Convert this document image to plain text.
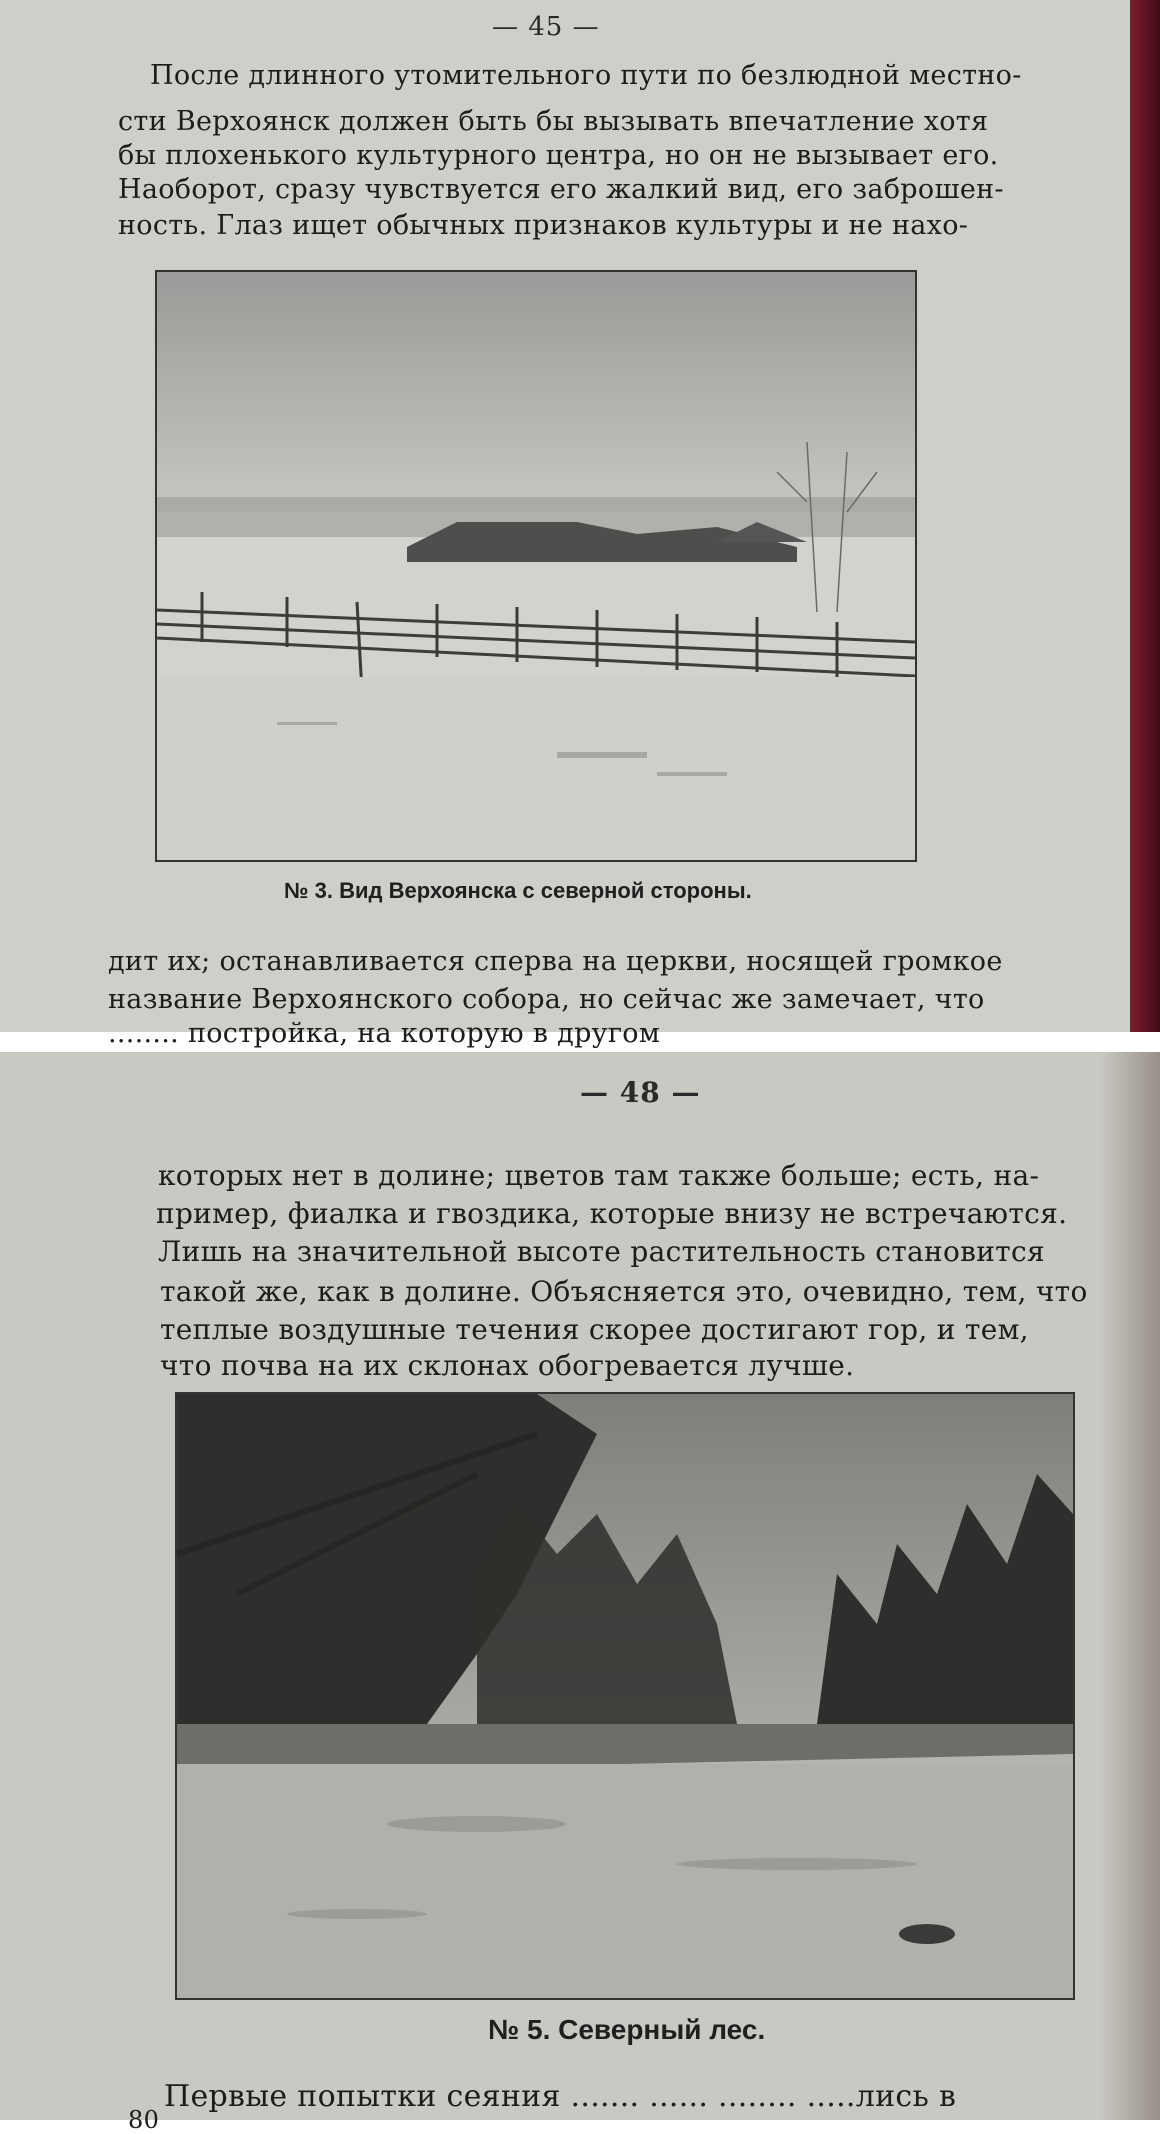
— 45 —
После длинного утомительного пути по безлюдной местно-
сти Верхоянск должен быть бы вызывать впечатление хотя
бы плохенького культурного центра, но он не вызывает его.
Наоборот, сразу чувствуется его жалкий вид, его заброшен-
ность. Глаз ищет обычных признаков культуры и не нахо-
№ 3. Вид Верхоянска с северной стороны.
дит их; останавливается сперва на церкви, носящей громкое
название Верхоянского собора, но сейчас же замечает, что
........ постройка, на которую в другом
— 48 —
которых нет в долине; цветов там также больше; есть, на-
пример, фиалка и гвоздика, которые внизу не встречаются.
Лишь на значительной высоте растительность становится
такой же, как в долине. Объясняется это, очевидно, тем, что
теплые воздушные течения скорее достигают гор, и тем,
что почва на их склонах обогревается лучше.
№ 5. Северный лес.
Первые попытки сеяния ....... ...... ........ .....лись в
80
